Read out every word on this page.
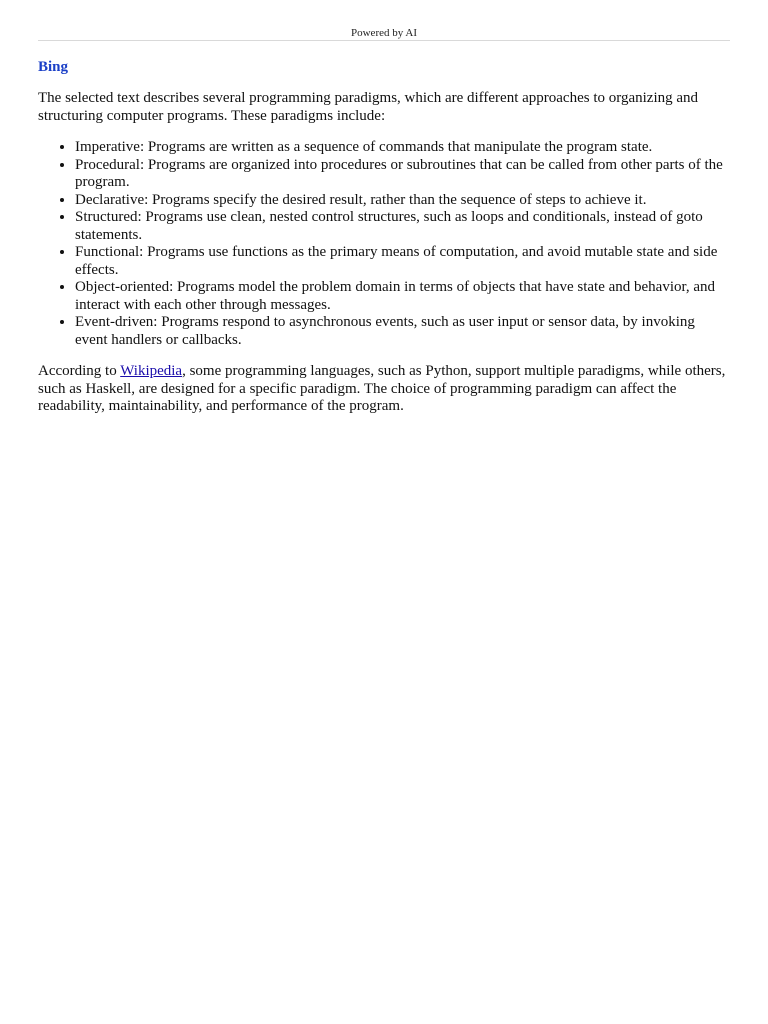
Powered by AI
Bing

The selected text describes several programming paradigms, which are different approaches to organizing and structuring computer programs. These paradigms include:

• Imperative: Programs are written as a sequence of commands that manipulate the program state.
• Procedural: Programs are organized into procedures or subroutines that can be called from other parts of the program.
• Declarative: Programs specify the desired result, rather than the sequence of steps to achieve it.
• Structured: Programs use clean, nested control structures, such as loops and conditionals, instead of goto statements.
• Functional: Programs use functions as the primary means of computation, and avoid mutable state and side effects.
• Object-oriented: Programs model the problem domain in terms of objects that have state and behavior, and interact with each other through messages.
• Event-driven: Programs respond to asynchronous events, such as user input or sensor data, by invoking event handlers or callbacks.

According to Wikipedia, some programming languages, such as Python, support multiple paradigms, while others, such as Haskell, are designed for a specific paradigm. The choice of programming paradigm can affect the readability, maintainability, and performance of the program.
